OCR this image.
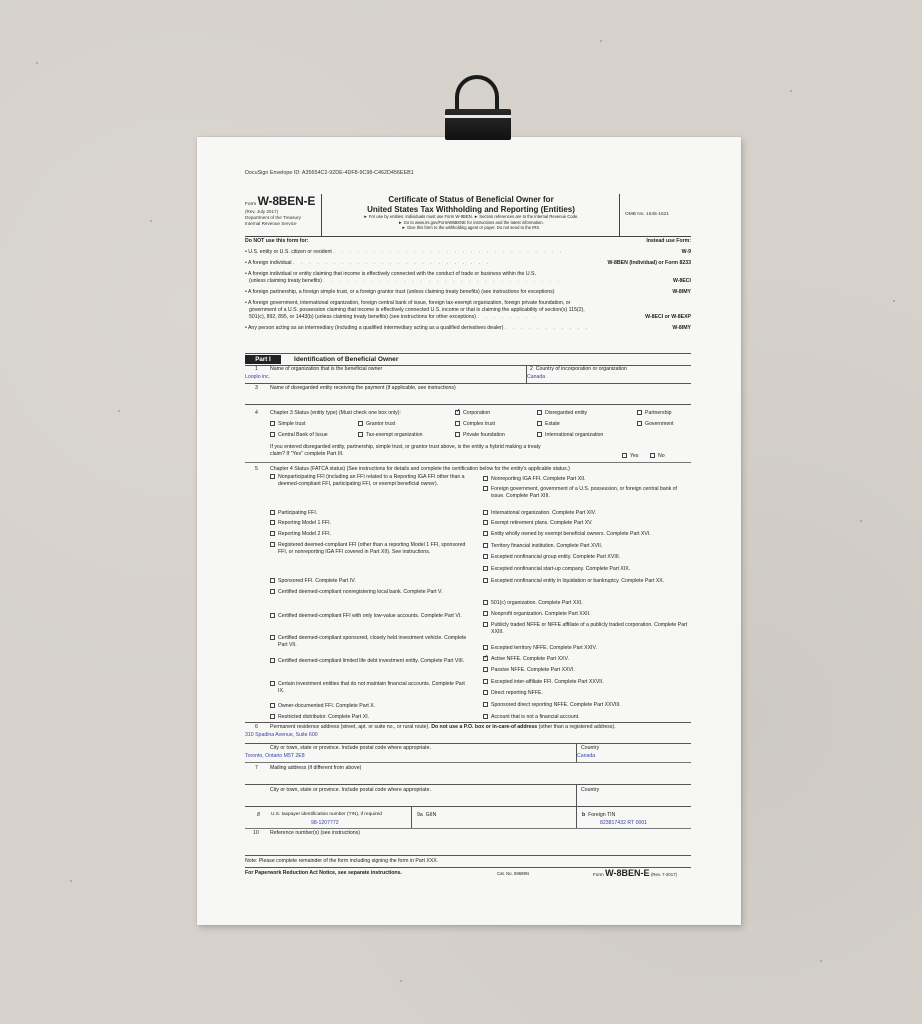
DocuSign Envelope ID: A35654C2-92DE-4DF8-9C98-C462D456EEB1
Form W-8BEN-E
(Rev. July 2017)
Department of the Treasury
Internal Revenue Service
Certificate of Status of Beneficial Owner for
United States Tax Withholding and Reporting (Entities)
► For use by entities. Individuals must use Form W-8BEN. ► Section references are to the Internal Revenue Code.
► Go to www.irs.gov/FormW8BENE for instructions and the latest information.
► Give this form to the withholding agent or payer. Do not send to the IRS.
OMB No. 1545-1621
Do NOT use this form for:	Instead use Form:
• U.S. entity or U.S. citizen or resident . . . . . . . . . . . . . . . . . . . . . . . . . . . . .	W-9
• A foreign individual . . . . . . . . . . . . . . . . . . . . . . . . .	W-8BEN (Individual) or Form 8233
• A foreign individual or entity claiming that income is effectively connected with the conduct of trade or business within the U.S.
(unless claiming treaty benefits) . . . . . . . . . . . . . . . . . . . . . . . . . . . . . .	W-8ECI
• A foreign partnership, a foreign simple trust, or a foreign grantor trust (unless claiming treaty benefits) (see instructions for exceptions)	W-8IMY
• A foreign government, international organization, foreign central bank of issue, foreign tax-exempt organization, foreign private foundation, or
government of a U.S. possession claiming that income is effectively connected U.S. income or that is claiming the applicability of section(s) 115(2),
501(c), 892, 895, or 1443(b) (unless claiming treaty benefits) (see instructions for other exceptions) . . . . . . . .	W-8ECI or W-8EXP
• Any person acting as an intermediary (including a qualified intermediary acting as a qualified derivatives dealer) . . . . . . . . . . .	W-8IMY
Part I	Identification of Beneficial Owner
1 Name of organization that is the beneficial owner
Looplo inc.
2 Country of incorporation or organization
Canada
3 Name of disregarded entity receiving the payment (if applicable, see instructions)
4 Chapter 3 Status (entity type) (Must check one box only): ✓	Corporation	Disregarded entity	Partnership
Simple trust	Grantor trust	Complex trust	Estate	Government
Central Bank of Issue	Tax-exempt organization	Private foundation	International organization
If you entered disregarded entity, partnership, simple trust, or grantor trust above, is the entity a hybrid making a treaty
claim? If "Yes" complete Part III.	Yes	No
5 Chapter 4 Status (FATCA status) (See instructions for details and complete the certification below for the entity's applicable status.)
Nonparticipating FFI (including an FFI related to a Reporting IGA FFI other than a deemed-compliant FFI, participating FFI, or exempt beneficial owner).
Participating FFI.
Reporting Model 1 FFI.
Reporting Model 2 FFI.
Registered deemed-compliant FFI (other than a reporting Model 1 FFI, sponsored FFI, or nonreporting IGA FFI covered in Part XII). See instructions.
Sponsored FFI. Complete Part IV.
Certified deemed-compliant nonregistering local bank. Complete Part V.
Certified deemed-compliant FFI with only low-value accounts. Complete Part VI.
Certified deemed-compliant sponsored, closely held investment vehicle. Complete Part VII.
Certified deemed-compliant limited life debt investment entity. Complete Part VIII.
Certain investment entities that do not maintain financial accounts. Complete Part IX.
Owner-documented FFI. Complete Part X.
Restricted distributor. Complete Part XI.
Nonreporting IGA FFI. Complete Part XII.
Foreign government, government of a U.S. possession, or foreign central bank of issue. Complete Part XIII.
International organization. Complete Part XIV.
Exempt retirement plans. Complete Part XV.
Entity wholly owned by exempt beneficial owners. Complete Part XVI.
Territory financial institution. Complete Part XVII.
Excepted nonfinancial group entity. Complete Part XVIII.
Excepted nonfinancial start-up company. Complete Part XIX.
Excepted nonfinancial entity in liquidation or bankruptcy. Complete Part XX.
501(c) organization. Complete Part XXI.
Nonprofit organization. Complete Part XXII.
Publicly traded NFFE or NFFE affiliate of a publicly traded corporation. Complete Part XXIII.
Excepted territory NFFE. Complete Part XXIV.
✓Active NFFE. Complete Part XXV.
Passive NFFE. Complete Part XXVI.
Excepted inter-affiliate FFI. Complete Part XXVII.
Direct reporting NFFE.
Sponsored direct reporting NFFE. Complete Part XXVIII.
Account that is not a financial account.
6 Permanent residence address (street, apt. or suite no., or rural route). Do not use a P.O. box or in-care-of address (other than a registered address).
310 Spadina Avenue, Suite 600
City or town, state or province. Include postal code where appropriate.
Toronto, Ontario M5T 2E8
Country
Canada
7 Mailing address (if different from above)
City or town, state or province. Include postal code where appropriate.	Country
8 U.S. taxpayer identification number (TIN), if required
98-1207772
9a GIIN	b Foreign TIN
823817432 RT 0001
10 Reference number(s) (see instructions)
Note: Please complete remainder of the form including signing the form in Part XXX.
For Paperwork Reduction Act Notice, see separate instructions.	Cat. No. 59689N	Form W-8BEN-E (Rev. 7-2017)
